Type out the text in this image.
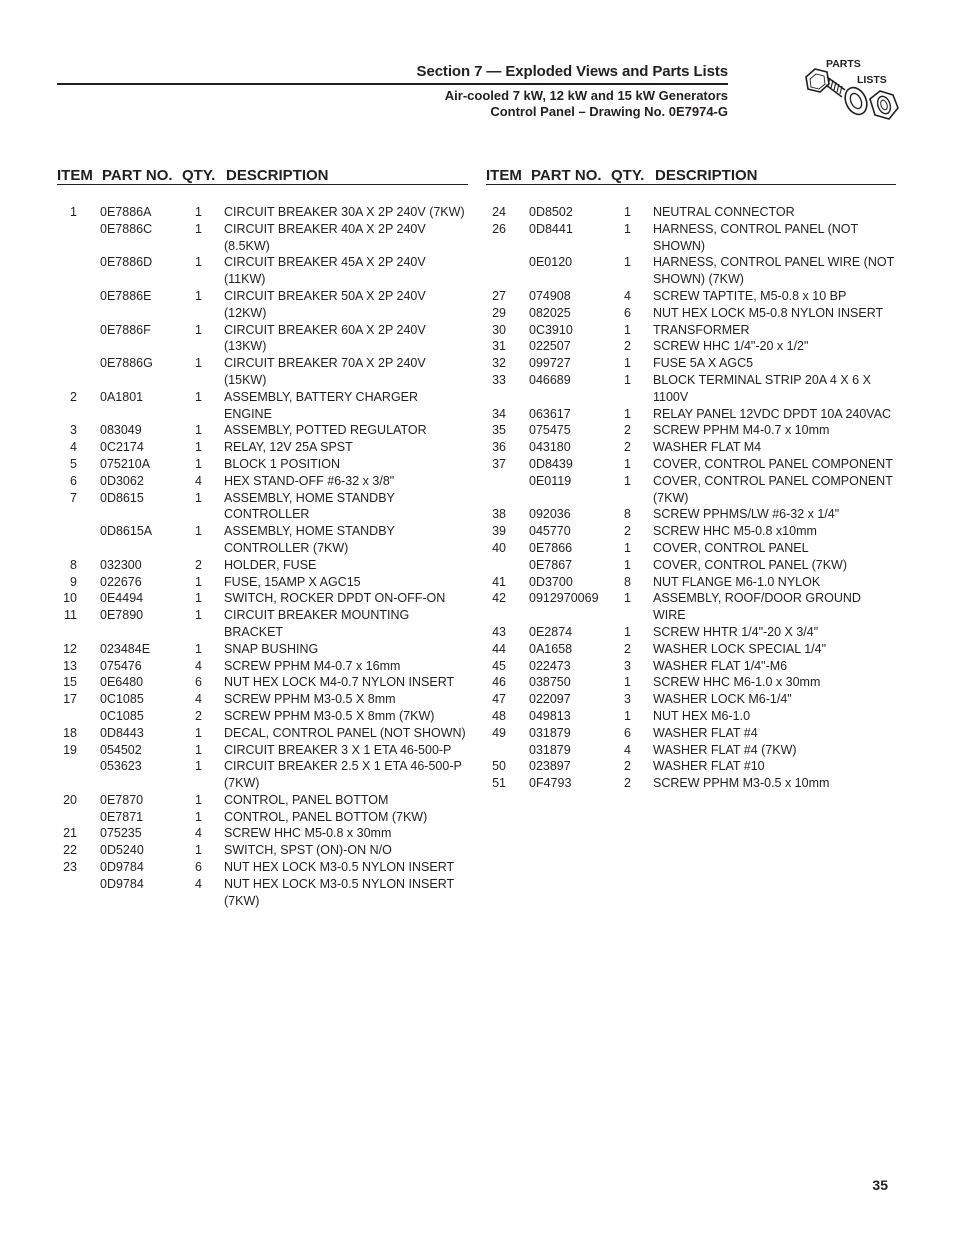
Section 7 — Exploded Views and Parts Lists
Air-cooled 7 kW, 12 kW and 15 kW Generators
Control Panel – Drawing No. 0E7974-G
PARTS
LISTS
ITEM PART NO. QTY. DESCRIPTION	ITEM PART NO. QTY. DESCRIPTION
1 0E7886A	1 CIRCUIT BREAKER 30A X 2P 240V (7KW)
0E7886C	1 CIRCUIT BREAKER 40A X 2P 240V (8.5KW)
0E7886D	1 CIRCUIT BREAKER 45A X 2P 240V (11KW)
0E7886E	1 CIRCUIT BREAKER 50A X 2P 240V (12KW)
0E7886F	1 CIRCUIT BREAKER 60A X 2P 240V (13KW)
0E7886G	1 CIRCUIT BREAKER 70A X 2P 240V (15KW)
2 0A1801	1 ASSEMBLY, BATTERY CHARGER ENGINE
3 083049	1 ASSEMBLY, POTTED REGULATOR
4 0C2174	1 RELAY, 12V 25A SPST
5 075210A	1 BLOCK 1 POSITION
6 0D3062	4 HEX STAND-OFF #6-32 x 3/8"
7 0D8615	1 ASSEMBLY, HOME STANDBY CONTROLLER
0D8615A	1 ASSEMBLY, HOME STANDBY CONTROLLER (7KW)
8 032300	2 HOLDER, FUSE
9 022676	1 FUSE, 15AMP X AGC15
10 0E4494	1 SWITCH, ROCKER DPDT ON-OFF-ON
11 0E7890	1 CIRCUIT BREAKER MOUNTING BRACKET
12 023484E	1 SNAP BUSHING
13 075476	4 SCREW PPHM M4-0.7 x 16mm
15 0E6480	6 NUT HEX LOCK M4-0.7 NYLON INSERT
17 0C1085	4 SCREW PPHM M3-0.5 X 8mm
0C1085	2 SCREW PPHM M3-0.5 X 8mm (7KW)
18 0D8443	1 DECAL, CONTROL PANEL (NOT SHOWN)
19 054502	1 CIRCUIT BREAKER 3 X 1 ETA 46-500-P
053623	1 CIRCUIT BREAKER 2.5 X 1 ETA 46-500-P (7KW)
20 0E7870	1 CONTROL, PANEL BOTTOM
0E7871	1 CONTROL, PANEL BOTTOM (7KW)
21 075235	4 SCREW HHC M5-0.8 x 30mm
22 0D5240	1 SWITCH, SPST (ON)-ON N/O
23 0D9784	6 NUT HEX LOCK M3-0.5 NYLON INSERT
0D9784	4 NUT HEX LOCK M3-0.5 NYLON INSERT (7KW)
24 0D8502	1 NEUTRAL CONNECTOR
26 0D8441	1 HARNESS, CONTROL PANEL (NOT SHOWN)
0E0120	1 HARNESS, CONTROL PANEL WIRE (NOT SHOWN) (7KW)
27 074908	4 SCREW TAPTITE, M5-0.8 x 10 BP
29 082025	6 NUT HEX LOCK M5-0.8 NYLON INSERT
30 0C3910	1 TRANSFORMER
31 022507	2 SCREW HHC 1/4"-20 x 1/2"
32 099727	1 FUSE 5A X AGC5
33 046689	1 BLOCK TERMINAL STRIP 20A 4 X 6 X 1100V
34 063617	1 RELAY PANEL 12VDC DPDT 10A 240VAC
35 075475	2 SCREW PPHM M4-0.7 x 10mm
36 043180	2 WASHER FLAT M4
37 0D8439	1 COVER, CONTROL PANEL COMPONENT
0E0119	1 COVER, CONTROL PANEL COMPONENT (7KW)
38 092036	8 SCREW PPHMS/LW #6-32 x 1/4"
39 045770	2 SCREW HHC M5-0.8 x10mm
40 0E7866	1 COVER, CONTROL PANEL
0E7867	1 COVER, CONTROL PANEL (7KW)
41 0D3700	8 NUT FLANGE M6-1.0 NYLOK
42 0912970069 1 ASSEMBLY, ROOF/DOOR GROUND WIRE
43 0E2874	1 SCREW HHTR 1/4"-20 X 3/4"
44 0A1658	2 WASHER LOCK SPECIAL 1/4"
45 022473	3 WASHER FLAT 1/4"-M6
46 038750	1 SCREW HHC M6-1.0 x 30mm
47 022097	3 WASHER LOCK M6-1/4"
48 049813	1 NUT HEX M6-1.0
49 031879	6 WASHER FLAT #4
031879	4 WASHER FLAT #4 (7KW)
50 023897	2 WASHER FLAT #10
51 0F4793	2 SCREW PPHM M3-0.5 x 10mm
35
